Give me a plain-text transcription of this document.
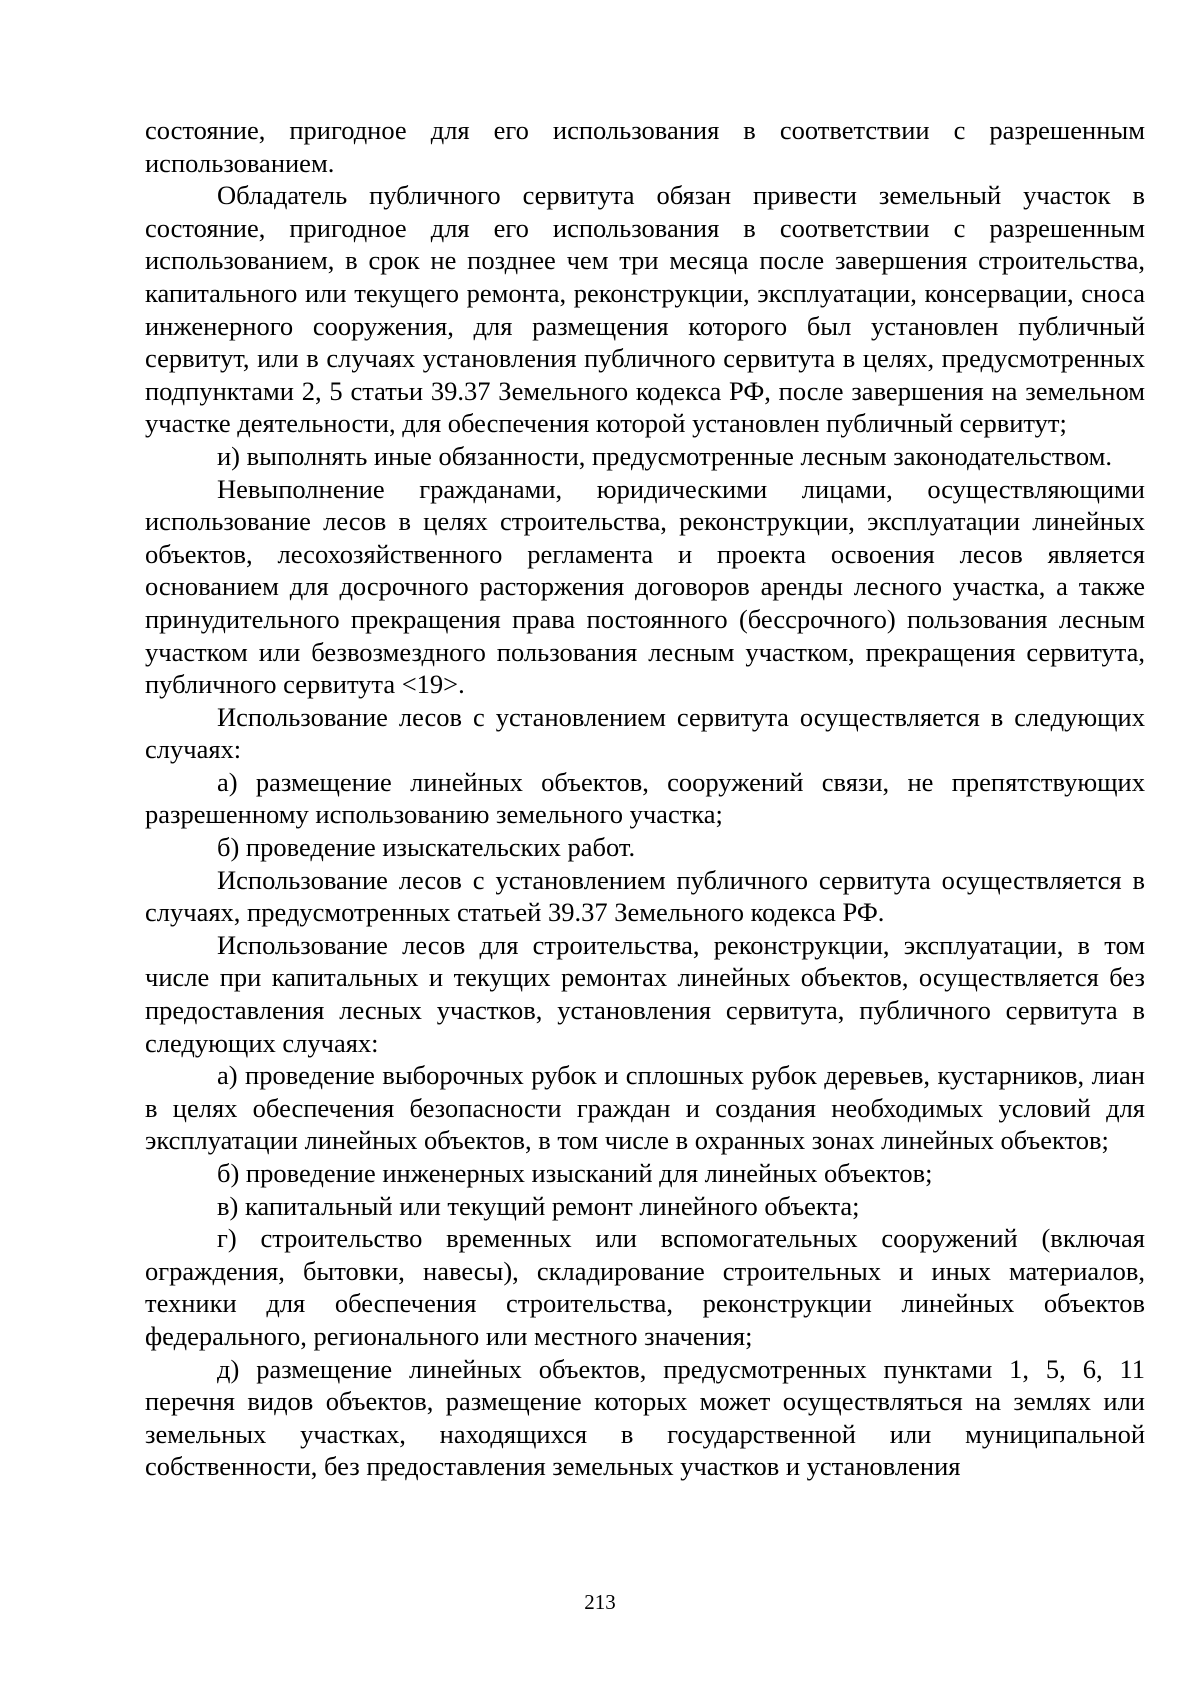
состояние, пригодное для его использования в соответствии с разрешенным использованием.

Обладатель публичного сервитута обязан привести земельный участок в состояние, пригодное для его использования в соответствии с разрешенным использованием, в срок не позднее чем три месяца после завершения строительства, капитального или текущего ремонта, реконструкции, эксплуатации, консервации, сноса инженерного сооружения, для размещения которого был установлен публичный сервитут, или в случаях установления публичного сервитута в целях, предусмотренных подпунктами 2, 5 статьи 39.37 Земельного кодекса РФ, после завершения на земельном участке деятельности, для обеспечения которой установлен публичный сервитут;

и) выполнять иные обязанности, предусмотренные лесным законодательством.

Невыполнение гражданами, юридическими лицами, осуществляющими использование лесов в целях строительства, реконструкции, эксплуатации линейных объектов, лесохозяйственного регламента и проекта освоения лесов является основанием для досрочного расторжения договоров аренды лесного участка, а также принудительного прекращения права постоянного (бессрочного) пользования лесным участком или безвозмездного пользования лесным участком, прекращения сервитута, публичного сервитута <19>.

Использование лесов с установлением сервитута осуществляется в следующих случаях:

а) размещение линейных объектов, сооружений связи, не препятствующих разрешенному использованию земельного участка;

б) проведение изыскательских работ.

Использование лесов с установлением публичного сервитута осуществляется в случаях, предусмотренных статьей 39.37 Земельного кодекса РФ.

Использование лесов для строительства, реконструкции, эксплуатации, в том числе при капитальных и текущих ремонтах линейных объектов, осуществляется без предоставления лесных участков, установления сервитута, публичного сервитута в следующих случаях:

а) проведение выборочных рубок и сплошных рубок деревьев, кустарников, лиан в целях обеспечения безопасности граждан и создания необходимых условий для эксплуатации линейных объектов, в том числе в охранных зонах линейных объектов;

б) проведение инженерных изысканий для линейных объектов;

в) капитальный или текущий ремонт линейного объекта;

г) строительство временных или вспомогательных сооружений (включая ограждения, бытовки, навесы), складирование строительных и иных материалов, техники для обеспечения строительства, реконструкции линейных объектов федерального, регионального или местного значения;

д) размещение линейных объектов, предусмотренных пунктами 1, 5, 6, 11 перечня видов объектов, размещение которых может осуществляться на землях или земельных участках, находящихся в государственной или муниципальной собственности, без предоставления земельных участков и установления

213
